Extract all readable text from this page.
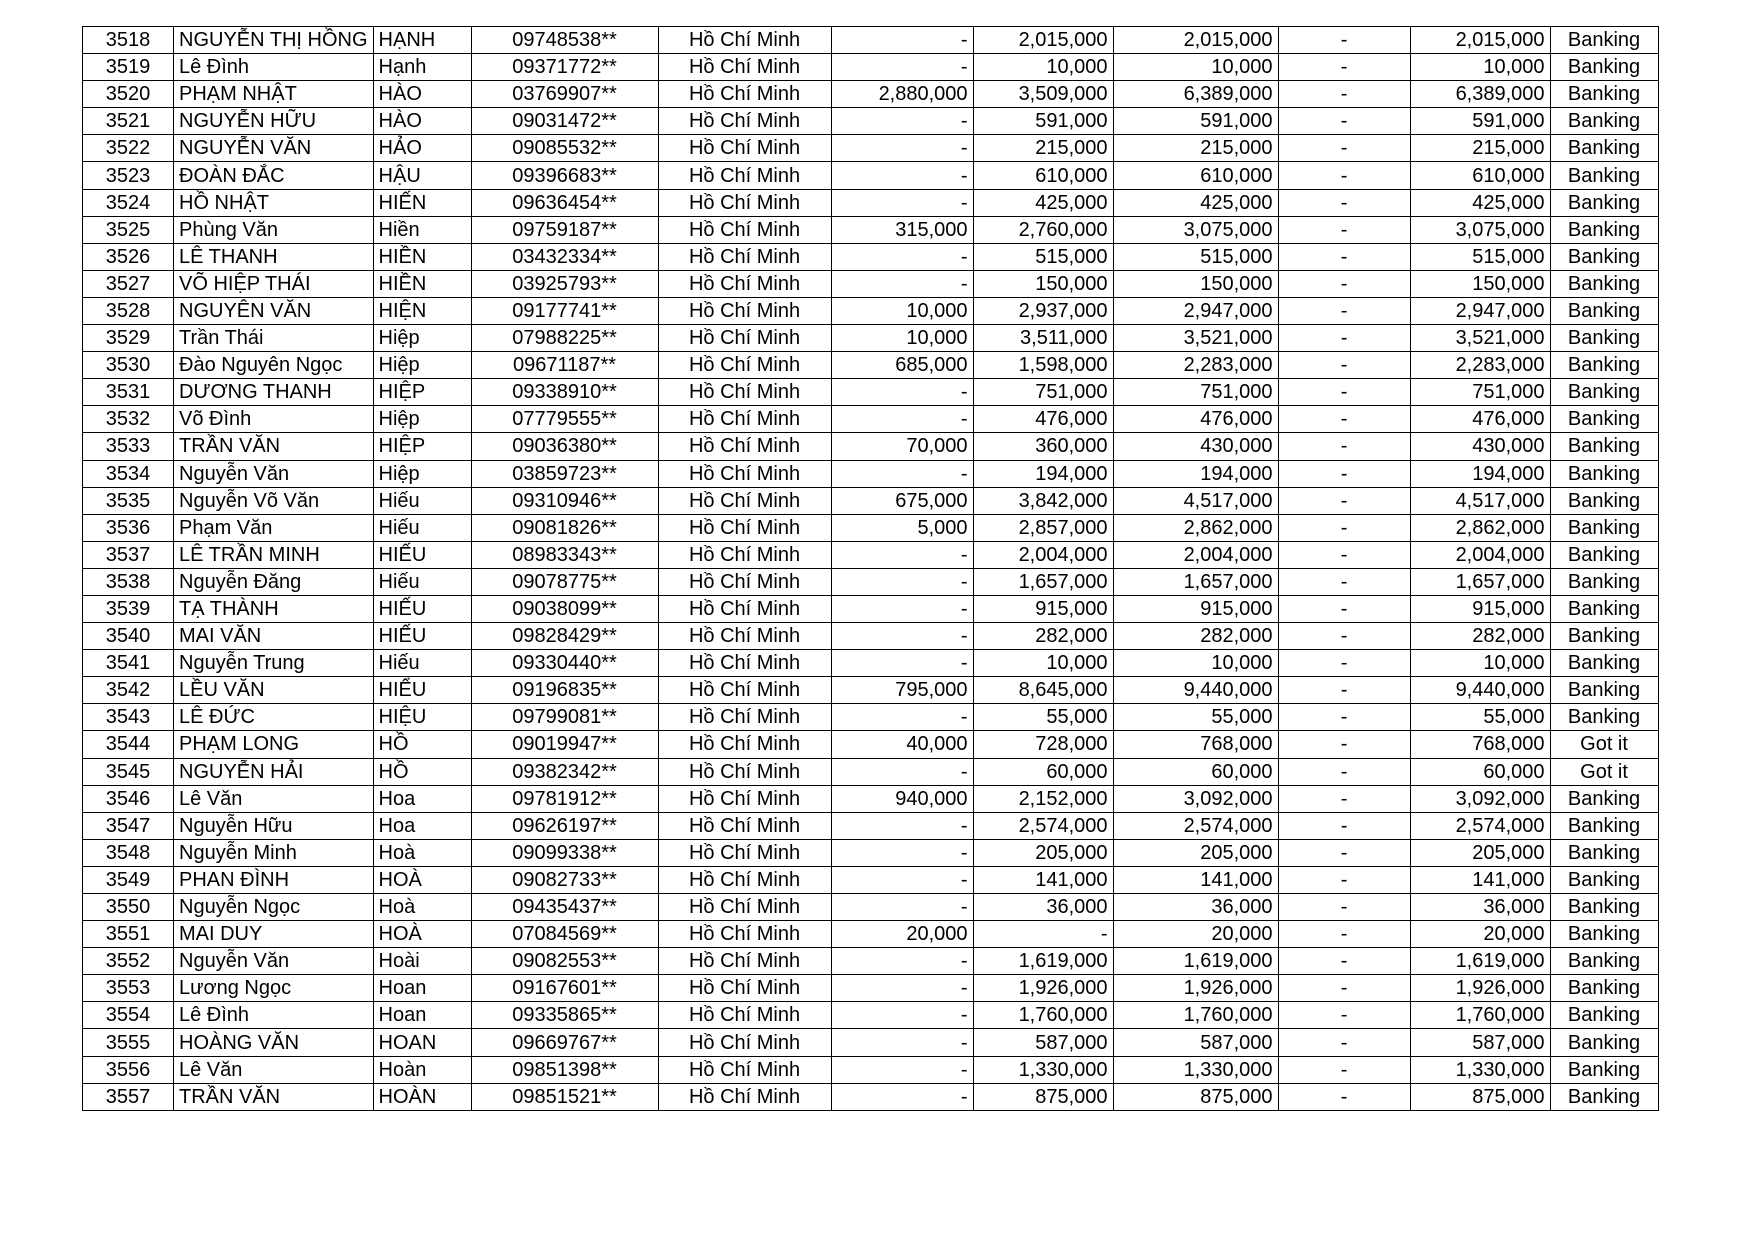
3518	NGUYỄN THỊ HỒNG	HẠNH	09748538**	Hồ Chí Minh	-	2,015,000	2,015,000	-	2,015,000	Banking
3519	Lê Đình	Hạnh	09371772**	Hồ Chí Minh	-	10,000	10,000	-	10,000	Banking
3520	PHẠM NHẬT	HÀO	03769907**	Hồ Chí Minh	2,880,000	3,509,000	6,389,000	-	6,389,000	Banking
3521	NGUYỄN HỮU	HÀO	09031472**	Hồ Chí Minh	-	591,000	591,000	-	591,000	Banking
3522	NGUYỄN VĂN	HẢO	09085532**	Hồ Chí Minh	-	215,000	215,000	-	215,000	Banking
3523	ĐOÀN ĐẮC	HẬU	09396683**	Hồ Chí Minh	-	610,000	610,000	-	610,000	Banking
3524	HỒ NHẬT	HIẾN	09636454**	Hồ Chí Minh	-	425,000	425,000	-	425,000	Banking
3525	Phùng Văn	Hiền	09759187**	Hồ Chí Minh	315,000	2,760,000	3,075,000	-	3,075,000	Banking
3526	LÊ THANH	HIỀN	03432334**	Hồ Chí Minh	-	515,000	515,000	-	515,000	Banking
3527	VÕ HIỆP THÁI	HIỀN	03925793**	Hồ Chí Minh	-	150,000	150,000	-	150,000	Banking
3528	NGUYÊN VĂN	HIỆN	09177741**	Hồ Chí Minh	10,000	2,937,000	2,947,000	-	2,947,000	Banking
3529	Trần Thái	Hiệp	07988225**	Hồ Chí Minh	10,000	3,511,000	3,521,000	-	3,521,000	Banking
3530	Đào Nguyên Ngọc	Hiệp	09671187**	Hồ Chí Minh	685,000	1,598,000	2,283,000	-	2,283,000	Banking
3531	DƯƠNG THANH	HIỆP	09338910**	Hồ Chí Minh	-	751,000	751,000	-	751,000	Banking
3532	Võ Đình	Hiệp	07779555**	Hồ Chí Minh	-	476,000	476,000	-	476,000	Banking
3533	TRẦN VĂN	HIỆP	09036380**	Hồ Chí Minh	70,000	360,000	430,000	-	430,000	Banking
3534	Nguyễn Văn	Hiệp	03859723**	Hồ Chí Minh	-	194,000	194,000	-	194,000	Banking
3535	Nguyễn Võ Văn	Hiếu	09310946**	Hồ Chí Minh	675,000	3,842,000	4,517,000	-	4,517,000	Banking
3536	Phạm Văn	Hiếu	09081826**	Hồ Chí Minh	5,000	2,857,000	2,862,000	-	2,862,000	Banking
3537	LÊ TRẦN MINH	HIẾU	08983343**	Hồ Chí Minh	-	2,004,000	2,004,000	-	2,004,000	Banking
3538	Nguyễn Đăng	Hiếu	09078775**	Hồ Chí Minh	-	1,657,000	1,657,000	-	1,657,000	Banking
3539	TẠ THÀNH	HIẾU	09038099**	Hồ Chí Minh	-	915,000	915,000	-	915,000	Banking
3540	MAI VĂN	HIẾU	09828429**	Hồ Chí Minh	-	282,000	282,000	-	282,000	Banking
3541	Nguyễn Trung	Hiếu	09330440**	Hồ Chí Minh	-	10,000	10,000	-	10,000	Banking
3542	LỀU VĂN	HIỂU	09196835**	Hồ Chí Minh	795,000	8,645,000	9,440,000	-	9,440,000	Banking
3543	LÊ ĐỨC	HIỆU	09799081**	Hồ Chí Minh	-	55,000	55,000	-	55,000	Banking
3544	PHẠM LONG	HỒ	09019947**	Hồ Chí Minh	40,000	728,000	768,000	-	768,000	Got it
3545	NGUYỄN HẢI	HỒ	09382342**	Hồ Chí Minh	-	60,000	60,000	-	60,000	Got it
3546	Lê Văn	Hoa	09781912**	Hồ Chí Minh	940,000	2,152,000	3,092,000	-	3,092,000	Banking
3547	Nguyễn Hữu	Hoa	09626197**	Hồ Chí Minh	-	2,574,000	2,574,000	-	2,574,000	Banking
3548	Nguyễn Minh	Hoà	09099338**	Hồ Chí Minh	-	205,000	205,000	-	205,000	Banking
3549	PHAN ĐÌNH	HOÀ	09082733**	Hồ Chí Minh	-	141,000	141,000	-	141,000	Banking
3550	Nguyễn Ngọc	Hoà	09435437**	Hồ Chí Minh	-	36,000	36,000	-	36,000	Banking
3551	MAI DUY	HOÀ	07084569**	Hồ Chí Minh	20,000	-	20,000	-	20,000	Banking
3552	Nguyễn Văn	Hoài	09082553**	Hồ Chí Minh	-	1,619,000	1,619,000	-	1,619,000	Banking
3553	Lương Ngọc	Hoan	09167601**	Hồ Chí Minh	-	1,926,000	1,926,000	-	1,926,000	Banking
3554	Lê Đình	Hoan	09335865**	Hồ Chí Minh	-	1,760,000	1,760,000	-	1,760,000	Banking
3555	HOÀNG VĂN	HOAN	09669767**	Hồ Chí Minh	-	587,000	587,000	-	587,000	Banking
3556	Lê Văn	Hoàn	09851398**	Hồ Chí Minh	-	1,330,000	1,330,000	-	1,330,000	Banking
3557	TRẦN VĂN	HOÀN	09851521**	Hồ Chí Minh	-	875,000	875,000	-	875,000	Banking
